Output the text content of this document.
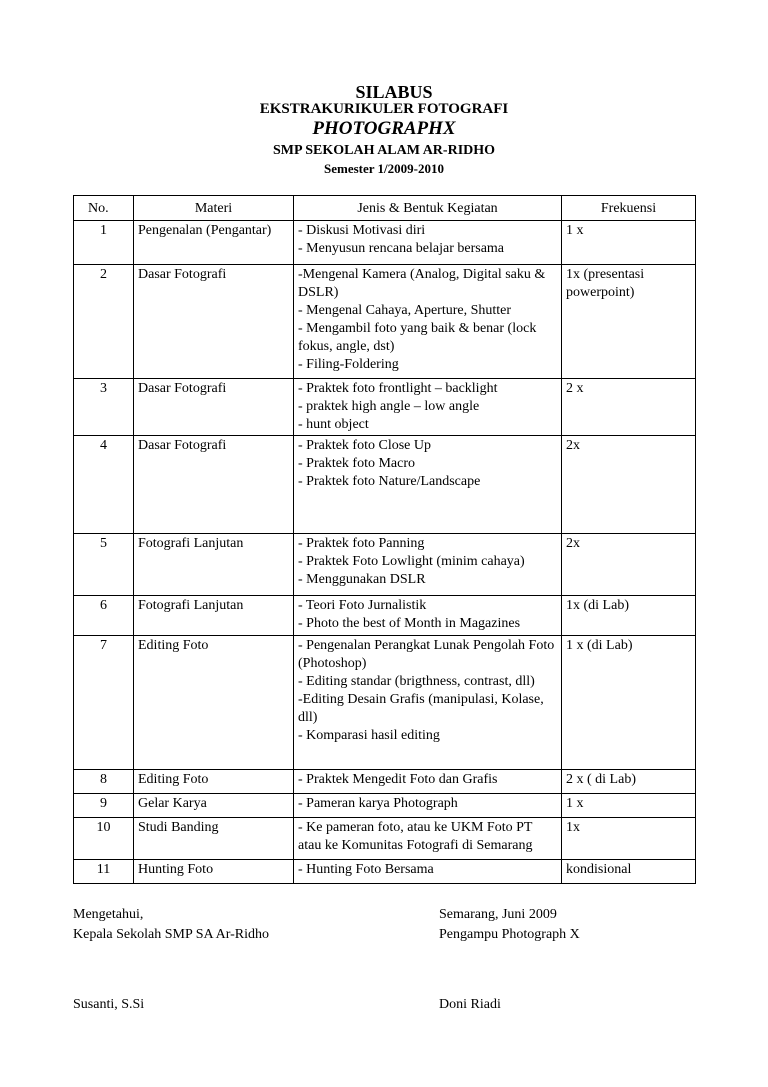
SILABUS
EKSTRAKURIKULER FOTOGRAFI
PHOTOGRAPHX
SMP SEKOLAH ALAM AR-RIDHO
Semester 1/2009-2010
No.	Materi	Jenis & Bentuk Kegiatan	Frekuensi
1	Pengenalan (Pengantar)	- Diskusi Motivasi diri
- Menyusun rencana belajar bersama	1 x

2	Dasar Fotografi	-Mengenal Kamera (Analog, Digital saku & DSLR)
- Mengenal Cahaya, Aperture, Shutter
- Mengambil foto yang baik & benar (lock fokus, angle, dst)
- Filing-Foldering	1x (presentasi
powerpoint)

3	Dasar Fotografi	- Praktek foto frontlight – backlight
- praktek high angle – low angle
- hunt object	2 x

4	Dasar Fotografi	- Praktek foto Close Up
- Praktek foto Macro
- Praktek foto Nature/Landscape	2x

5	Fotografi Lanjutan	- Praktek foto Panning
- Praktek Foto Lowlight (minim cahaya)
- Menggunakan DSLR	2x

6	Fotografi Lanjutan	- Teori Foto Jurnalistik
- Photo the best of Month in Magazines	1x (di Lab)

7	Editing Foto	- Pengenalan Perangkat Lunak Pengolah Foto (Photoshop)
- Editing standar (brigthness, contrast, dll)
-Editing Desain Grafis (manipulasi, Kolase, dll)
- Komparasi hasil editing	1 x (di Lab)

8	Editing Foto	- Praktek Mengedit Foto dan Grafis	2 x ( di Lab)

9	Gelar Karya	- Pameran karya Photograph	1 x

10	Studi Banding	- Ke pameran foto, atau ke UKM Foto PT atau ke Komunitas Fotografi di Semarang	1x

11	Hunting Foto	- Hunting Foto Bersama	kondisional
Mengetahui,
Kepala Sekolah SMP SA Ar-Ridho
Semarang, Juni 2009
Pengampu Photograph X
Susanti, S.Si	Doni Riadi
